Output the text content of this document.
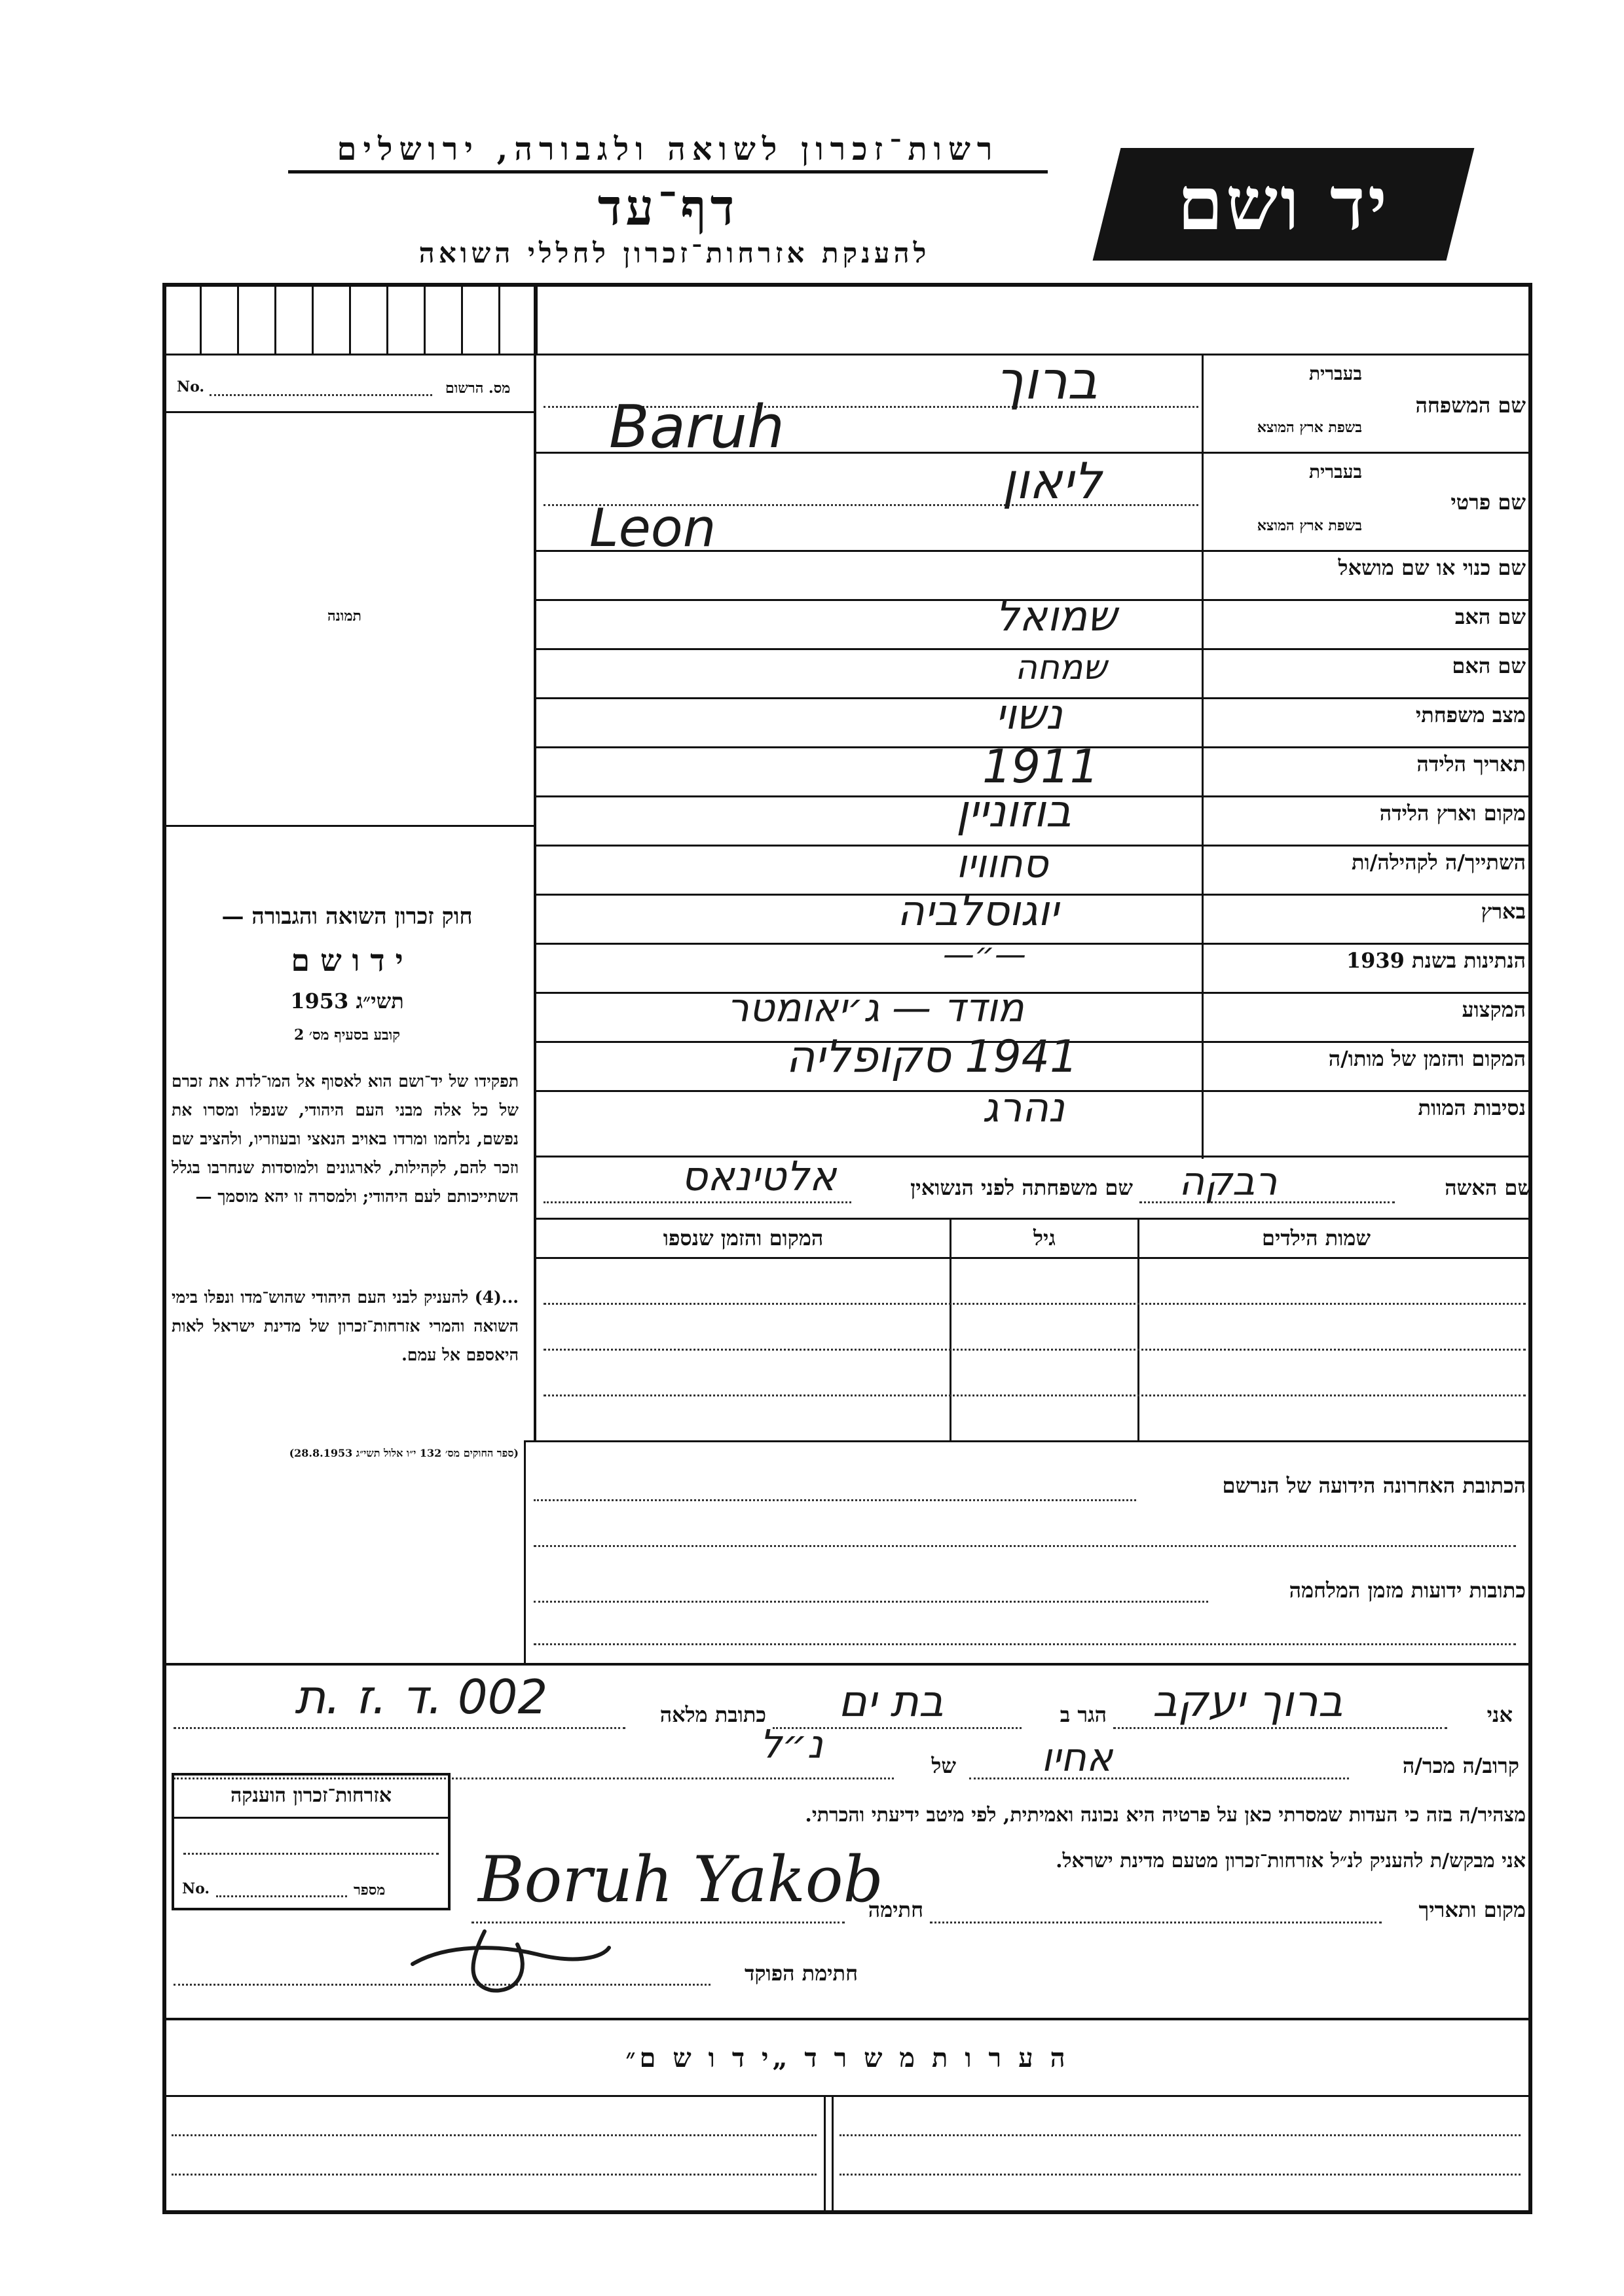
רשות־זכרון לשואה ולגבורה, ירושלים
דף־עד
להענקת אזרחות־זכרון לחללי השואה
יד ושם
No.	מס. הרשום
תמונה
חוק זכרון השואה והגבורה —
י ד ו ש ם
תשי״ג 1953
קובע בסעיף מס׳ 2
תפקידו של יד־ושם הוא לאסוף אל המו־לדת את זכרם של כל אלה מבני העם היהודי, שנפלו ומסרו את נפשם, נלחמו ומרדו באויב הנאצי ובעוזריו, ולהציב שם וזכר להם, לקהילות, לארגונים ולמוסדות שנחרבו בגלל השתייכותם לעם היהודי; ולמסרה זו יהא מוסמך —
...(4) להעניק לבני העם היהודי שהוש־מדו ונפלו בימי השואה והמרי אזרחות־זכרון של מדינת ישראל לאות היאספם אל עמם.
(ספר החוקים מס׳ 132 י״ו אלול תשי״ג 28.8.1953)
שם המשפחה
בעברית
בשפת ארץ המוצא
ברוך
Baruh
שם פרטי
בעברית
בשפת ארץ המוצא
ליאון
Leon
שם כנוי או שם מושאל
שם האב
שמואל
שם האם
שמחה
מצב משפחתי
נשוי
תאריך הלידה
1911
מקום וארץ הלידה
בוזוניין
השתייך/ה לקהילה/ות
סחוויו
בארץ
יוגוסלביה
הנתינות בשנת 1939
—״—
המקצוע
מודד — ג׳יאומטר
המקום והזמן של מותו/ה
1941 סקופליה
נסיבות המוות
נהרג
שם האשה
רבקה
שם משפחתה לפני הנשואין
אלטינאס
שמות הילדים
גיל
המקום והזמן שנספו
הכתובת האחרונה הידועה של הנרשם
כתובות ידועות מזמן המלחמה
אני
ברוך יעקב
הגר ב
בת ים
כתובת מלאה
002 .ד .ז .ת
קרוב/ה מכר/ה
אחיו
של
נ״ל
מצהיר/ה בזה כי העדות שמסרתי כאן על פרטיה היא נכונה ואמיתית, לפי מיטב ידיעתי והכרתי.
אני מבקש/ת להעניק לנ״ל אזרחות־זכרון מטעם מדינת ישראל.
מקום ותאריך
חתימה
Boruh Yakob
חתימת הפוקד
אזרחות־זכרון הוענקה
No.	מספר
ה ע ר ו ת מ ש ר ד „י ד ו ש ם״
